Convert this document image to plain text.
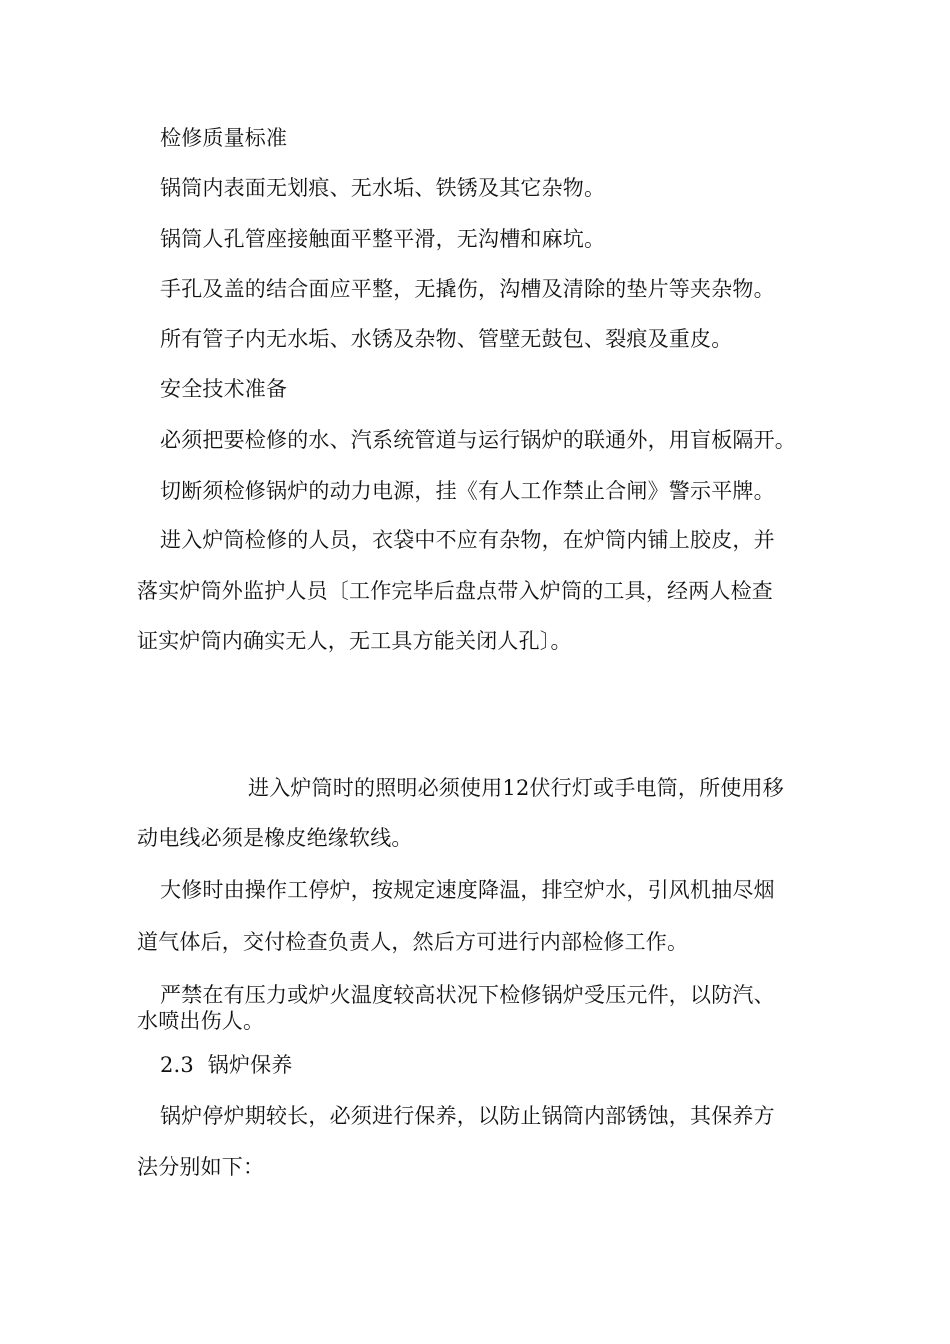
检修质量标准
锅筒内表面无划痕、无水垢、铁锈及其它杂物。
锅筒人孔管座接触面平整平滑，无沟槽和麻坑。
手孔及盖的结合面应平整，无撬伤，沟槽及清除的垫片等夹杂物。
所有管子内无水垢、水锈及杂物、管壁无鼓包、裂痕及重皮。
安全技术准备
必须把要检修的水、汽系统管道与运行锅炉的联通外，用盲板隔开。
切断须检修锅炉的动力电源，挂《有人工作禁止合闸》警示平牌。
进入炉筒检修的人员，衣袋中不应有杂物，在炉筒内铺上胶皮，并
落实炉筒外监护人员〔工作完毕后盘点带入炉筒的工具，经两人检查
证实炉筒内确实无人，无工具方能关闭人孔〕。
进入炉筒时的照明必须使用12伏行灯或手电筒，所使用移
动电线必须是橡皮绝缘软线。
大修时由操作工停炉，按规定速度降温，排空炉水，引风机抽尽烟
道气体后，交付检查负责人，然后方可进行内部检修工作。
严禁在有压力或炉火温度较高状况下检修锅炉受压元件，以防汽、
水喷出伤人。
2.3  锅炉保养
锅炉停炉期较长，必须进行保养，以防止锅筒内部锈蚀，其保养方
法分别如下：
